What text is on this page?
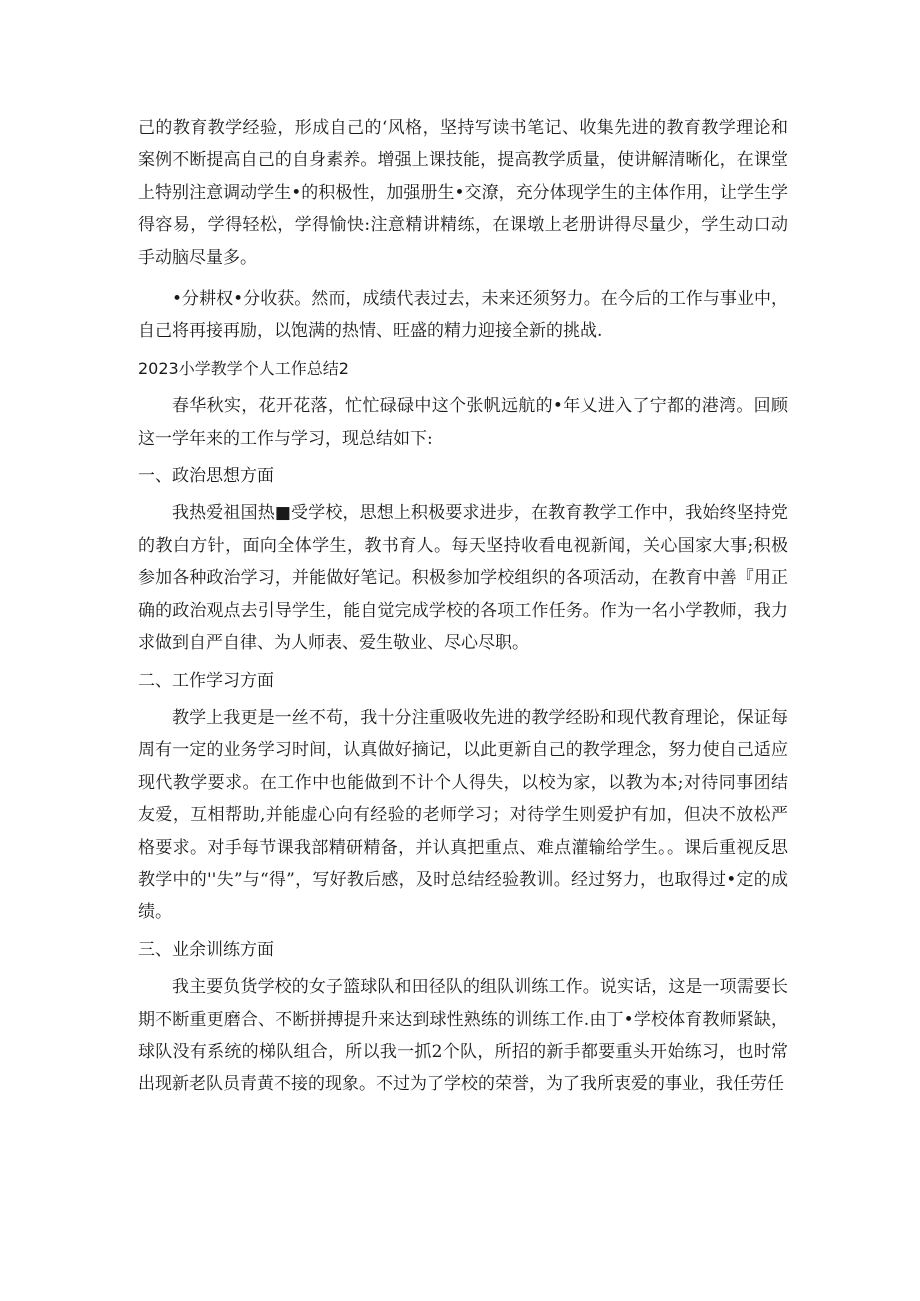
己的教育教学经验，形成自己的‘风格，坚持写读书笔记、收集先进的教育教学理论和案例不断提高自己的自身素养。增强上课技能，提高教学质量，使讲解清晰化，在课堂上特别注意调动学生•的积极性，加强册生•交潦，充分体现学生的主体作用，让学生学得容易，学得轻松，学得愉快:注意精讲精练，在课墩上老册讲得尽量少，学生动口动手动脑尽量多。

•分耕权•分收获。然而，成绩代表过去，未来还须努力。在今后的工作与事业中，自己将再接再励，以饱满的热情、旺盛的精力迎接全新的挑战.

2023小学教学个人工作总结2

春华秋实，花开花落，忙忙碌碌中这个张帆远航的•年乂进入了宁都的港湾。回顾这一学年来的工作与学习，现总结如下:

一、政治思想方面

我热爱祖国热■受学校，思想上积极要求进步，在教育教学工作中，我始终坚持党的教白方针，面向全体学生，教书育人。每天坚持收看电视新闻，关心国家大事;积极参加各种政治学习，并能做好笔记。积极参加学校组织的各项活动，在教育中善『用正确的政治观点去引导学生，能自觉完成学校的各项工作任务。作为一名小学教师，我力求做到自严自律、为人师表、爱生敬业、尽心尽职。

二、工作学习方面

教学上我更是一丝不苟，我十分注重吸收先进的教学经盼和现代教育理论，保证每周有一定的业务学习时间，认真做好摘记，以此更新自己的教学理念，努力使自己适应现代教学要求。在工作中也能做到不计个人得失，以校为家，以教为本;对待同事团结友爱，互相帮助,并能虚心向有经验的老师学习；对待学生则爱护有加，但决不放松严格要求。对手每节课我部精研精备，并认真把重点、难点灌输给学生。。课后重视反思教学中的''失”与“得”，写好教后感，及时总结经验教训。经过努力，也取得过•定的成绩。

三、业余训练方面

我主要负货学校的女子篮球队和田径队的组队训练工作。说实话，这是一项需要长期不断重更磨合、不断拼搏提升来达到球性熟练的训练工作.由丁•学校体育教师紧缺，球队没有系统的梯队组合，所以我一抓2个队，所招的新手都要重头开始练习，也时常出现新老队员青黄不接的现象。不过为了学校的荣誉，为了我所衷爱的事业，我任劳任
